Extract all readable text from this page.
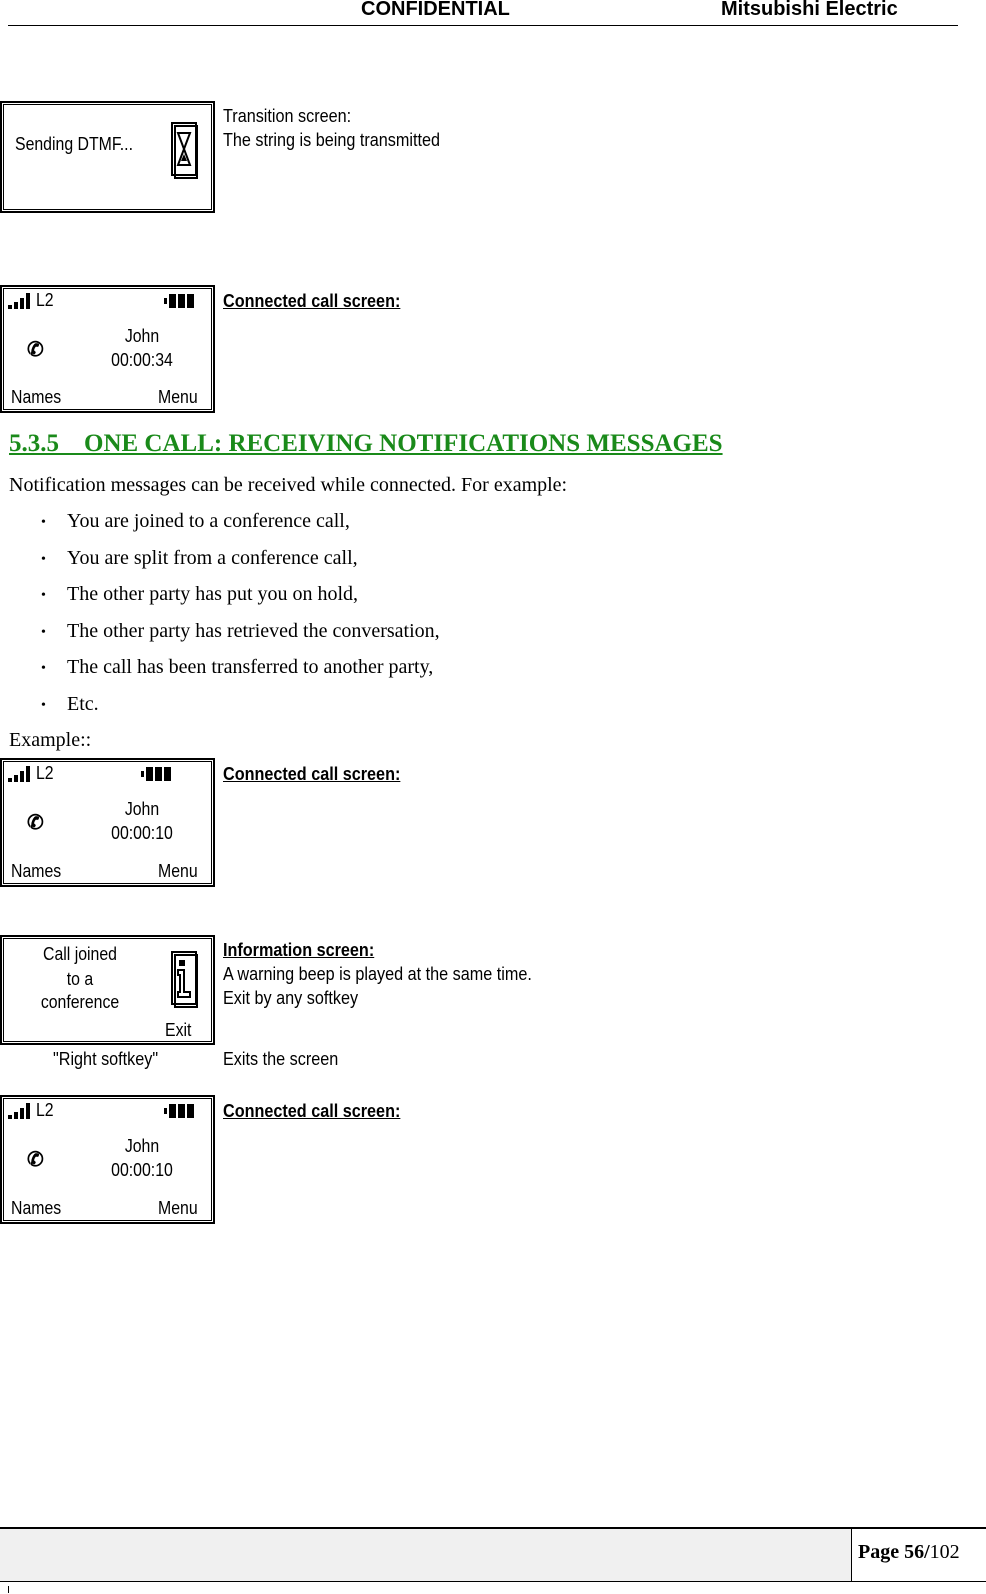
CONFIDENTIAL	Mitsubishi Electric
Sending DTMF...
Transition screen:
The string is being transmitted
L2
✆
John
00:00:34
Names	Menu
Connected call screen:
5.3.5    ONE CALL: RECEIVING NOTIFICATIONS MESSAGES
Notification messages can be received while connected. For example:
• You are joined to a conference call,
• You are split from a conference call,
• The other party has put you on hold,
• The other party has retrieved the conversation,
• The call has been transferred to another party,
• Etc.
Example::
L2
✆
John
00:00:10
Names	Menu
Connected call screen:
Call joined
to a
conference
Exit
Information screen:
A warning beep is played at the same time.
Exit by any softkey
"Right softkey"	Exits the screen
L2
✆
John
00:00:10
Names	Menu
Connected call screen:
Page 56/102
